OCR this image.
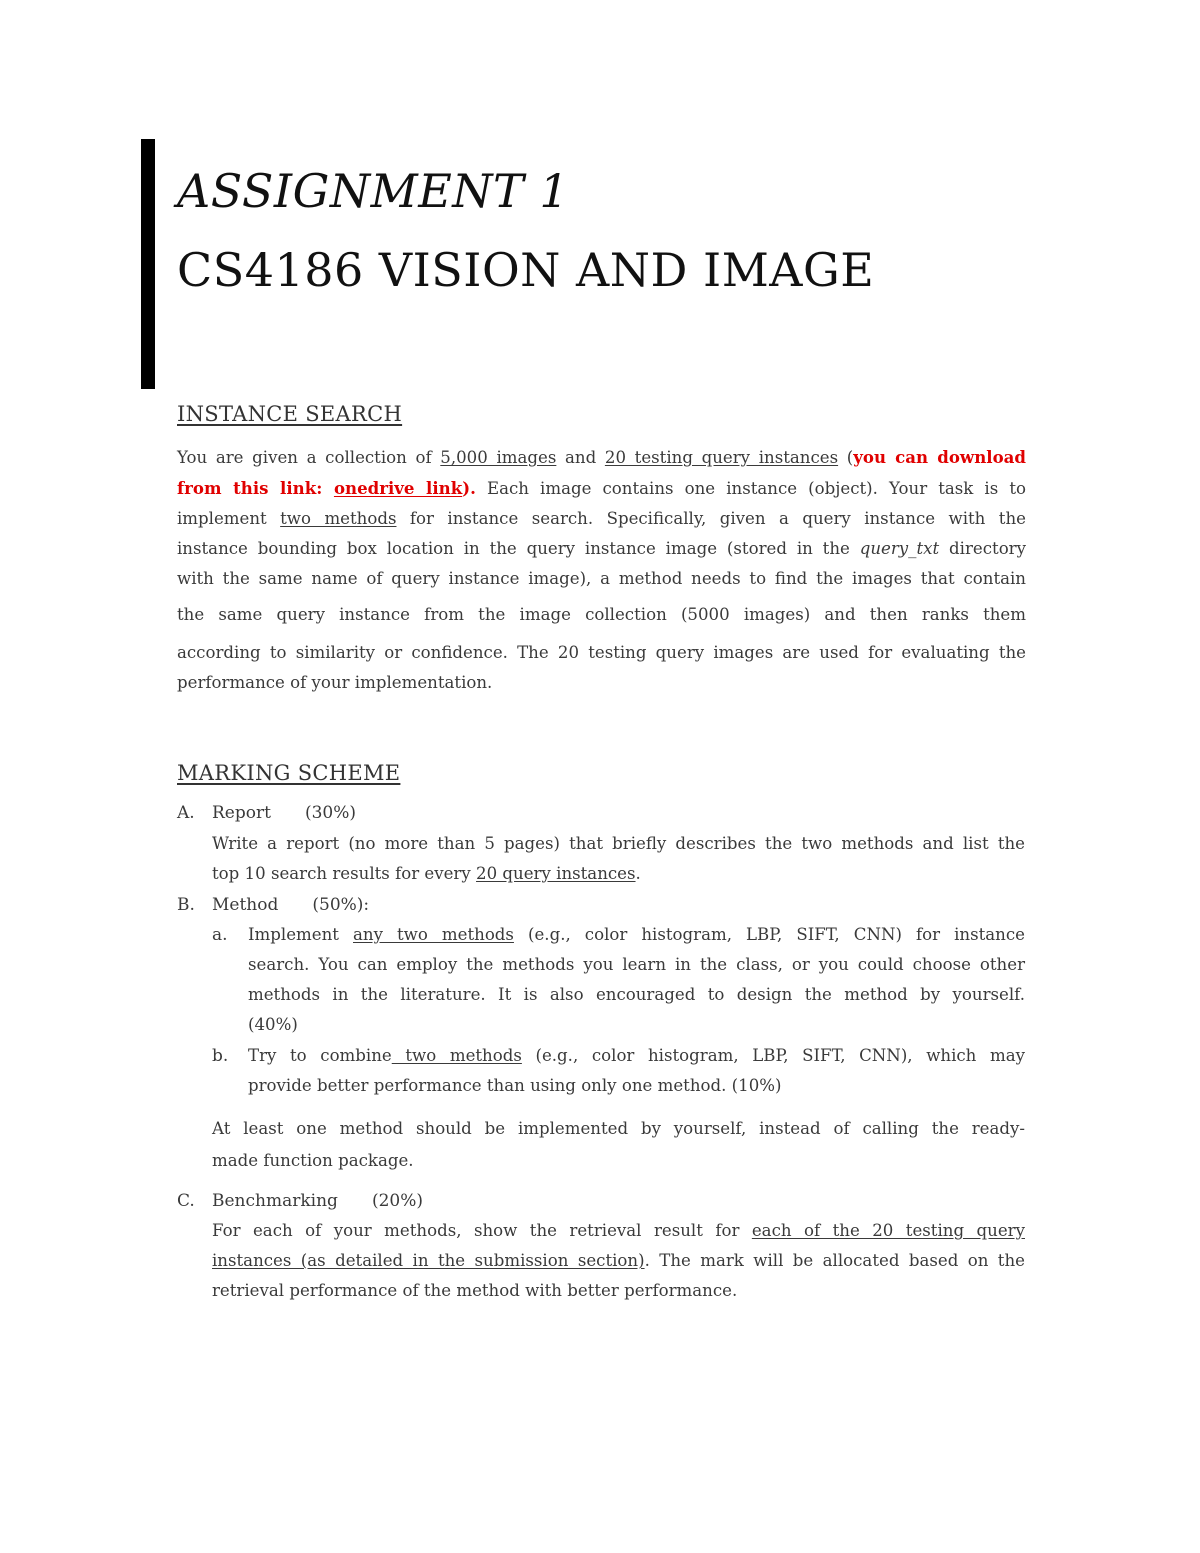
ASSIGNMENT 1
CS4186 VISION AND IMAGE
INSTANCE SEARCH
You are given a collection of 5,000 images and 20 testing query instances (you can download
from this link: onedrive link). Each image contains one instance (object). Your task is to
implement two methods for instance search. Specifically, given a query instance with the
instance bounding box location in the query instance image (stored in the query_txt directory
with the same name of query instance image), a method needs to find the images that contain
the same query instance from the image collection (5000 images) and then ranks them
according to similarity or confidence. The 20 testing query images are used for evaluating the
performance of your implementation.
MARKING SCHEME
A. Report (30%)
Write a report (no more than 5 pages) that briefly describes the two methods and list the
top 10 search results for every 20 query instances.
B. Method (50%):
a. Implement any two methods (e.g., color histogram, LBP, SIFT, CNN) for instance
search. You can employ the methods you learn in the class, or you could choose other
methods in the literature. It is also encouraged to design the method by yourself.
(40%)
b. Try to combine two methods (e.g., color histogram, LBP, SIFT, CNN), which may
provide better performance than using only one method. (10%)
At least one method should be implemented by yourself, instead of calling the ready-
made function package.
C. Benchmarking (20%)
For each of your methods, show the retrieval result for each of the 20 testing query
instances (as detailed in the submission section). The mark will be allocated based on the
retrieval performance of the method with better performance.
